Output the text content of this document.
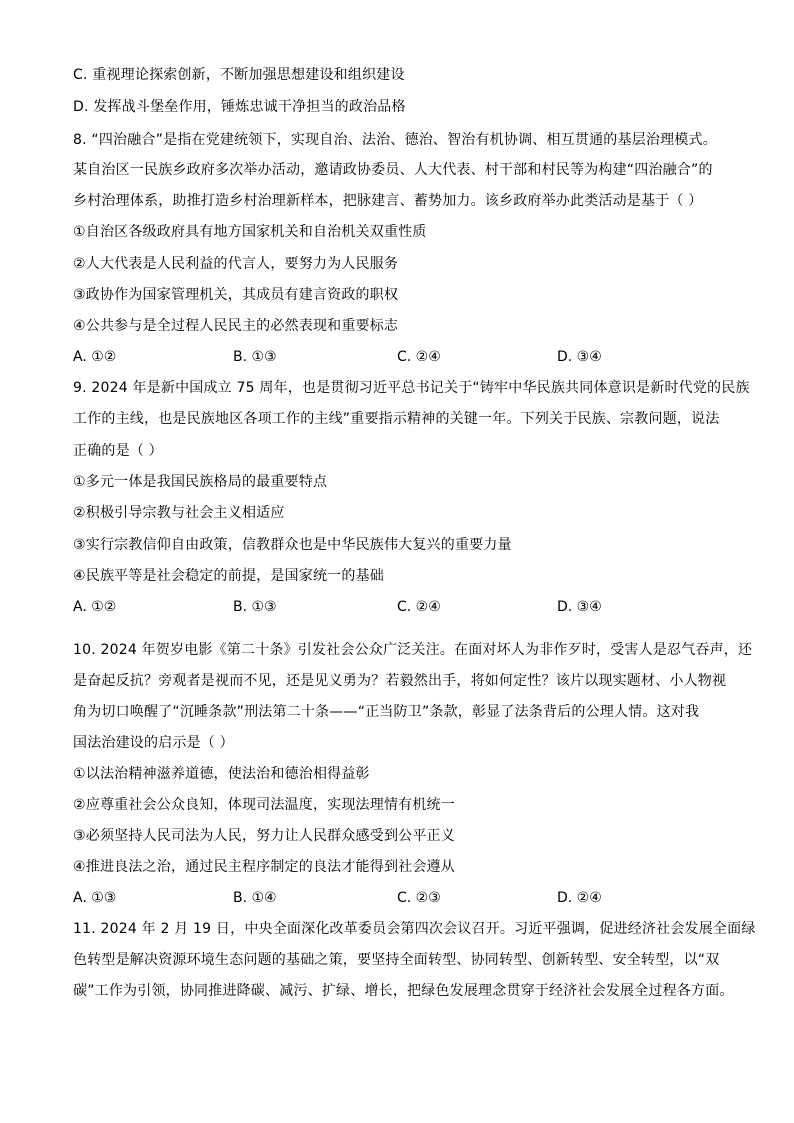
C. 重视理论探索创新，不断加强思想建设和组织建设
D. 发挥战斗堡垒作用，锤炼忠诚干净担当的政治品格
8. “四治融合”是指在党建统领下，实现自治、法治、德治、智治有机协调、相互贯通的基层治理模式。
某自治区一民族乡政府多次举办活动，邀请政协委员、人大代表、村干部和村民等为构建“四治融合”的
乡村治理体系，助推打造乡村治理新样本，把脉建言、蓄势加力。该乡政府举办此类活动是基于（ ）
①自治区各级政府具有地方国家机关和自治机关双重性质
②人大代表是人民利益的代言人，要努力为人民服务
③政协作为国家管理机关，其成员有建言资政的职权
④公共参与是全过程人民民主的必然表现和重要标志
A. ①②	B. ①③	C. ②④	D. ③④
9. 2024 年是新中国成立 75 周年，也是贯彻习近平总书记关于“铸牢中华民族共同体意识是新时代党的民族
工作的主线，也是民族地区各项工作的主线”重要指示精神的关键一年。下列关于民族、宗教问题，说法
正确的是（ ）
①多元一体是我国民族格局的最重要特点
②积极引导宗教与社会主义相适应
③实行宗教信仰自由政策，信教群众也是中华民族伟大复兴的重要力量
④民族平等是社会稳定的前提，是国家统一的基础
A. ①②	B. ①③	C. ②④	D. ③④
10. 2024 年贺岁电影《第二十条》引发社会公众广泛关注。在面对坏人为非作歹时，受害人是忍气吞声，还
是奋起反抗？旁观者是视而不见，还是见义勇为？若毅然出手，将如何定性？该片以现实题材、小人物视
角为切口唤醒了“沉睡条款”刑法第二十条——“正当防卫”条款，彰显了法条背后的公理人情。这对我
国法治建设的启示是（ ）
①以法治精神滋养道德，使法治和德治相得益彰
②应尊重社会公众良知，体现司法温度，实现法理情有机统一
③必须坚持人民司法为人民，努力让人民群众感受到公平正义
④推进良法之治，通过民主程序制定的良法才能得到社会遵从
A. ①③	B. ①④	C. ②③	D. ②④
11. 2024 年 2 月 19 日，中央全面深化改革委员会第四次会议召开。习近平强调，促进经济社会发展全面绿
色转型是解决资源环境生态问题的基础之策，要坚持全面转型、协同转型、创新转型、安全转型，以“双
碳”工作为引领，协同推进降碳、减污、扩绿、增长，把绿色发展理念贯穿于经济社会发展全过程各方面。
